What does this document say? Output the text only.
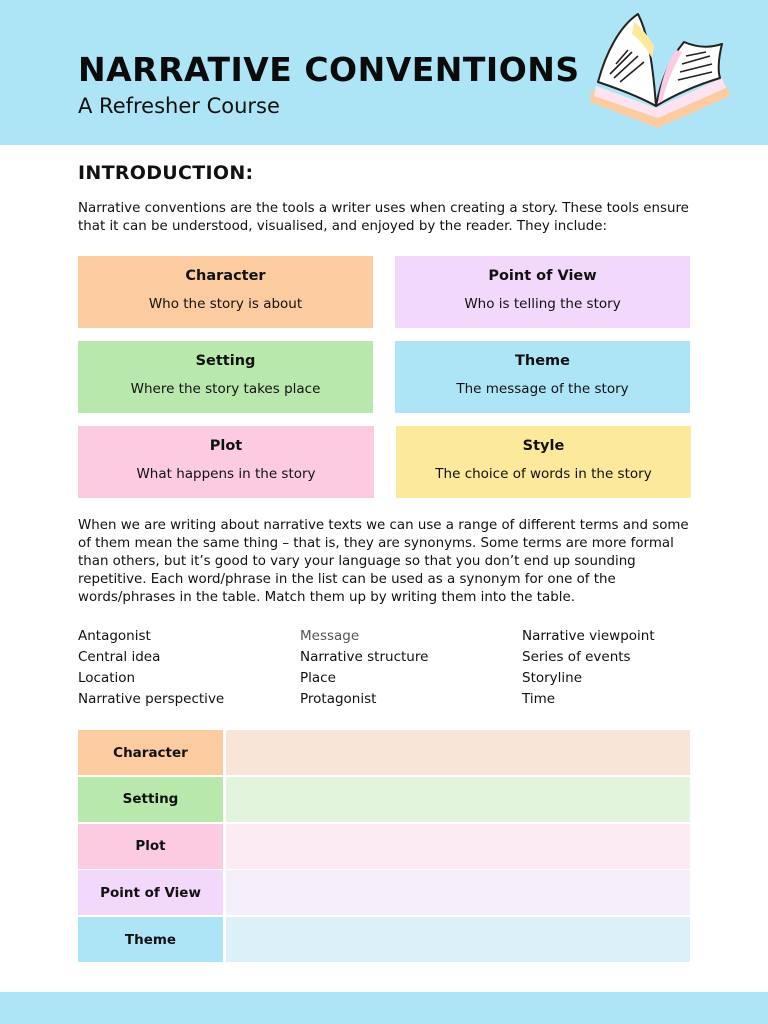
NARRATIVE CONVENTIONS

A Refresher Course

INTRODUCTION:

Narrative conventions are the tools a writer uses when creating a story. These tools ensure that it can be understood, visualised, and enjoyed by the reader. They include:

Character
Who the story is about
Point of View
Who is telling the story
Setting
Where the story takes place
Theme
The message of the story
Plot
What happens in the story
Style
The choice of words in the story

When we are writing about narrative texts we can use a range of different terms and some of them mean the same thing – that is, they are synonyms. Some terms are more formal than others, but it’s good to vary your language so that you don’t end up sounding repetitive. Each word/phrase in the list can be used as a synonym for one of the words/phrases in the table. Match them up by writing them into the table.

Antagonist
Central idea
Location
Narrative perspective
Message
Narrative structure
Place
Protagonist
Narrative viewpoint
Series of events
Storyline
Time
Character
Setting
Plot
Point of View
Theme
